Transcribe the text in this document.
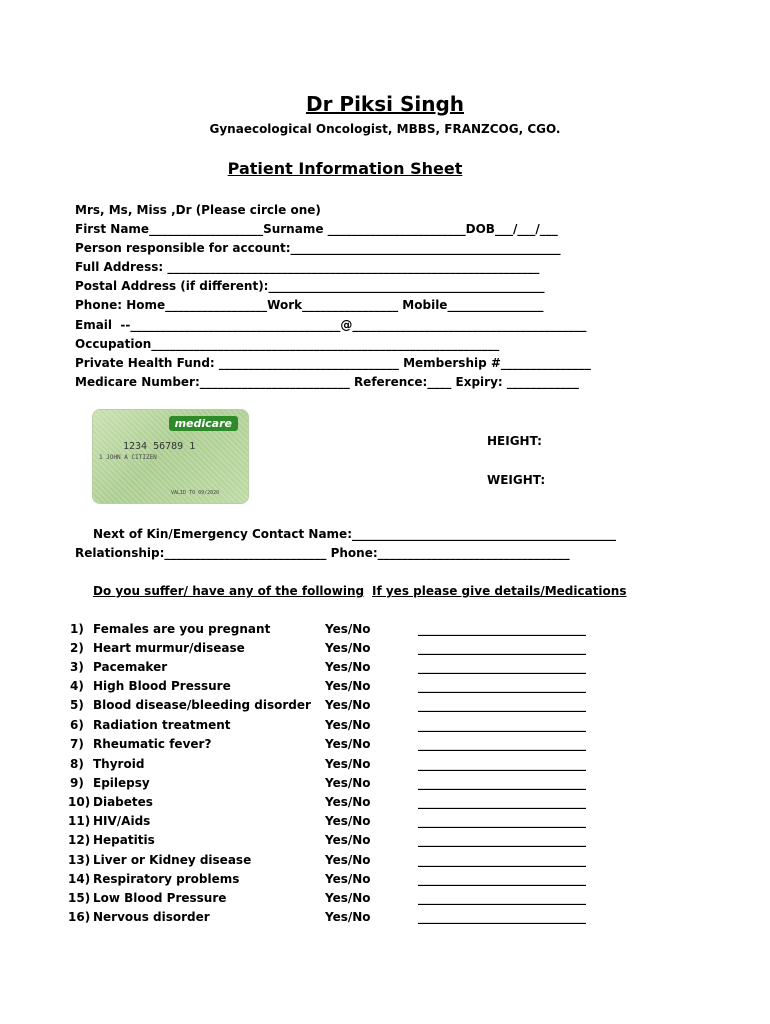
Dr Piksi Singh
Gynaecological Oncologist, MBBS, FRANZCOG, CGO.
Patient Information Sheet
Mrs, Ms, Miss ,Dr (Please circle one)
First Name___________________Surname _______________________DOB___/___/___
Person responsible for account:_____________________________________________
Full Address: ______________________________________________________________
Postal Address (if different):______________________________________________
Phone: Home_________________Work________________ Mobile________________
Email  --___________________________________@_______________________________________
Occupation__________________________________________________________
Private Health Fund: ______________________________ Membership #_______________
Medicare Number:_________________________ Reference:____ Expiry: ____________
medicare
1234 56789 1
1 JOHN A CITIZEN
VALID TO 09/2020
HEIGHT:
WEIGHT:
Next of Kin/Emergency Contact Name:____________________________________________
Relationship:___________________________ Phone:________________________________
Do you suffer/ have any of the following If yes please give details/Medications
1) Females are you pregnant	Yes/No	____________________________
2) Heart murmur/disease	Yes/No	____________________________
3) Pacemaker	Yes/No	____________________________
4) High Blood Pressure	Yes/No	____________________________
5) Blood disease/bleeding disorder Yes/No	____________________________
6) Radiation treatment	Yes/No	____________________________
7) Rheumatic fever?	Yes/No	____________________________
8) Thyroid	Yes/No	____________________________
9) Epilepsy	Yes/No	____________________________
10) Diabetes	Yes/No	____________________________
11) HIV/Aids	Yes/No	____________________________
12) Hepatitis	Yes/No	____________________________
13) Liver or Kidney disease	Yes/No	____________________________
14) Respiratory problems	Yes/No	____________________________
15) Low Blood Pressure	Yes/No	____________________________
16) Nervous disorder	Yes/No	____________________________
